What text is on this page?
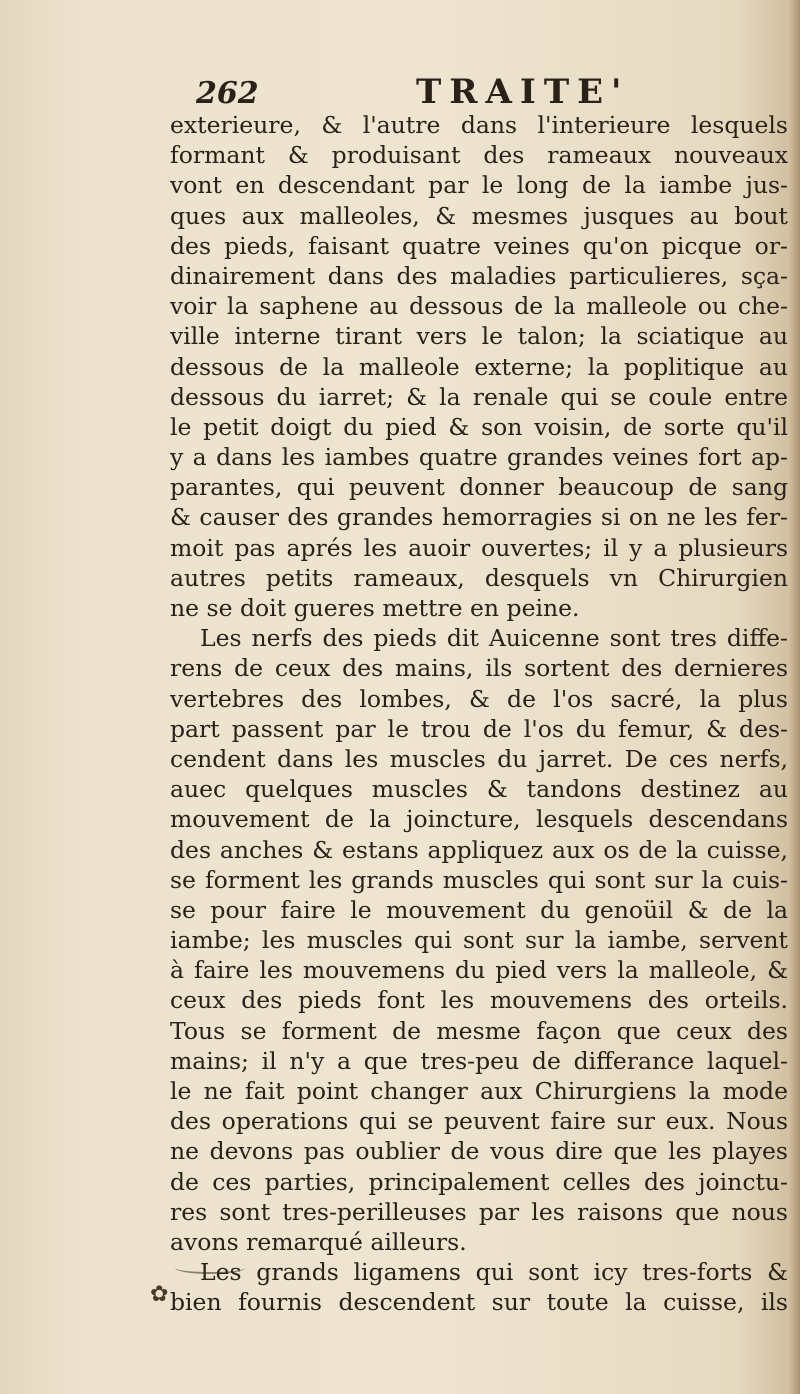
262	TRAITE'
exterieure, & l'autre dans l'interieure lesquels
formant & produisant des rameaux nouveaux
vont en descendant par le long de la iambe jus-
ques aux malleoles, & mesmes jusques au bout
des pieds, faisant quatre veines qu'on picque or-
dinairement dans des maladies particulieres, sça-
voir la saphene au dessous de la malleole ou che-
ville interne tirant vers le talon; la sciatique au
dessous de la malleole externe; la poplitique au
dessous du iarret; & la renale qui se coule entre
le petit doigt du pied & son voisin, de sorte qu'il
y a dans les iambes quatre grandes veines fort ap-
parantes, qui peuvent donner beaucoup de sang
& causer des grandes hemorragies si on ne les fer-
moit pas aprés les auoir ouvertes; il y a plusieurs
autres petits rameaux, desquels vn Chirurgien
ne se doit gueres mettre en peine.
Les nerfs des pieds dit Auicenne sont tres diffe-
rens de ceux des mains, ils sortent des dernieres
vertebres des lombes, & de l'os sacré, la plus
part passent par le trou de l'os du femur, & des-
cendent dans les muscles du jarret. De ces nerfs,
auec quelques muscles & tandons destinez au
mouvement de la joincture, lesquels descendans
des anches & estans appliquez aux os de la cuisse,
se forment les grands muscles qui sont sur la cuis-
se pour faire le mouvement du genoüil & de la
iambe; les muscles qui sont sur la iambe, servent
à faire les mouvemens du pied vers la malleole, &
ceux des pieds font les mouvemens des orteils.
Tous se forment de mesme façon que ceux des
mains; il n'y a que tres-peu de differance laquel-
le ne fait point changer aux Chirurgiens la mode
des operations qui se peuvent faire sur eux. Nous
ne devons pas oublier de vous dire que les playes
de ces parties, principalement celles des joinctu-
res sont tres-perilleuses par les raisons que nous
avons remarqué ailleurs.
Les grands ligamens qui sont icy tres-forts &
bien fournis descendent sur toute la cuisse, ils
✿
